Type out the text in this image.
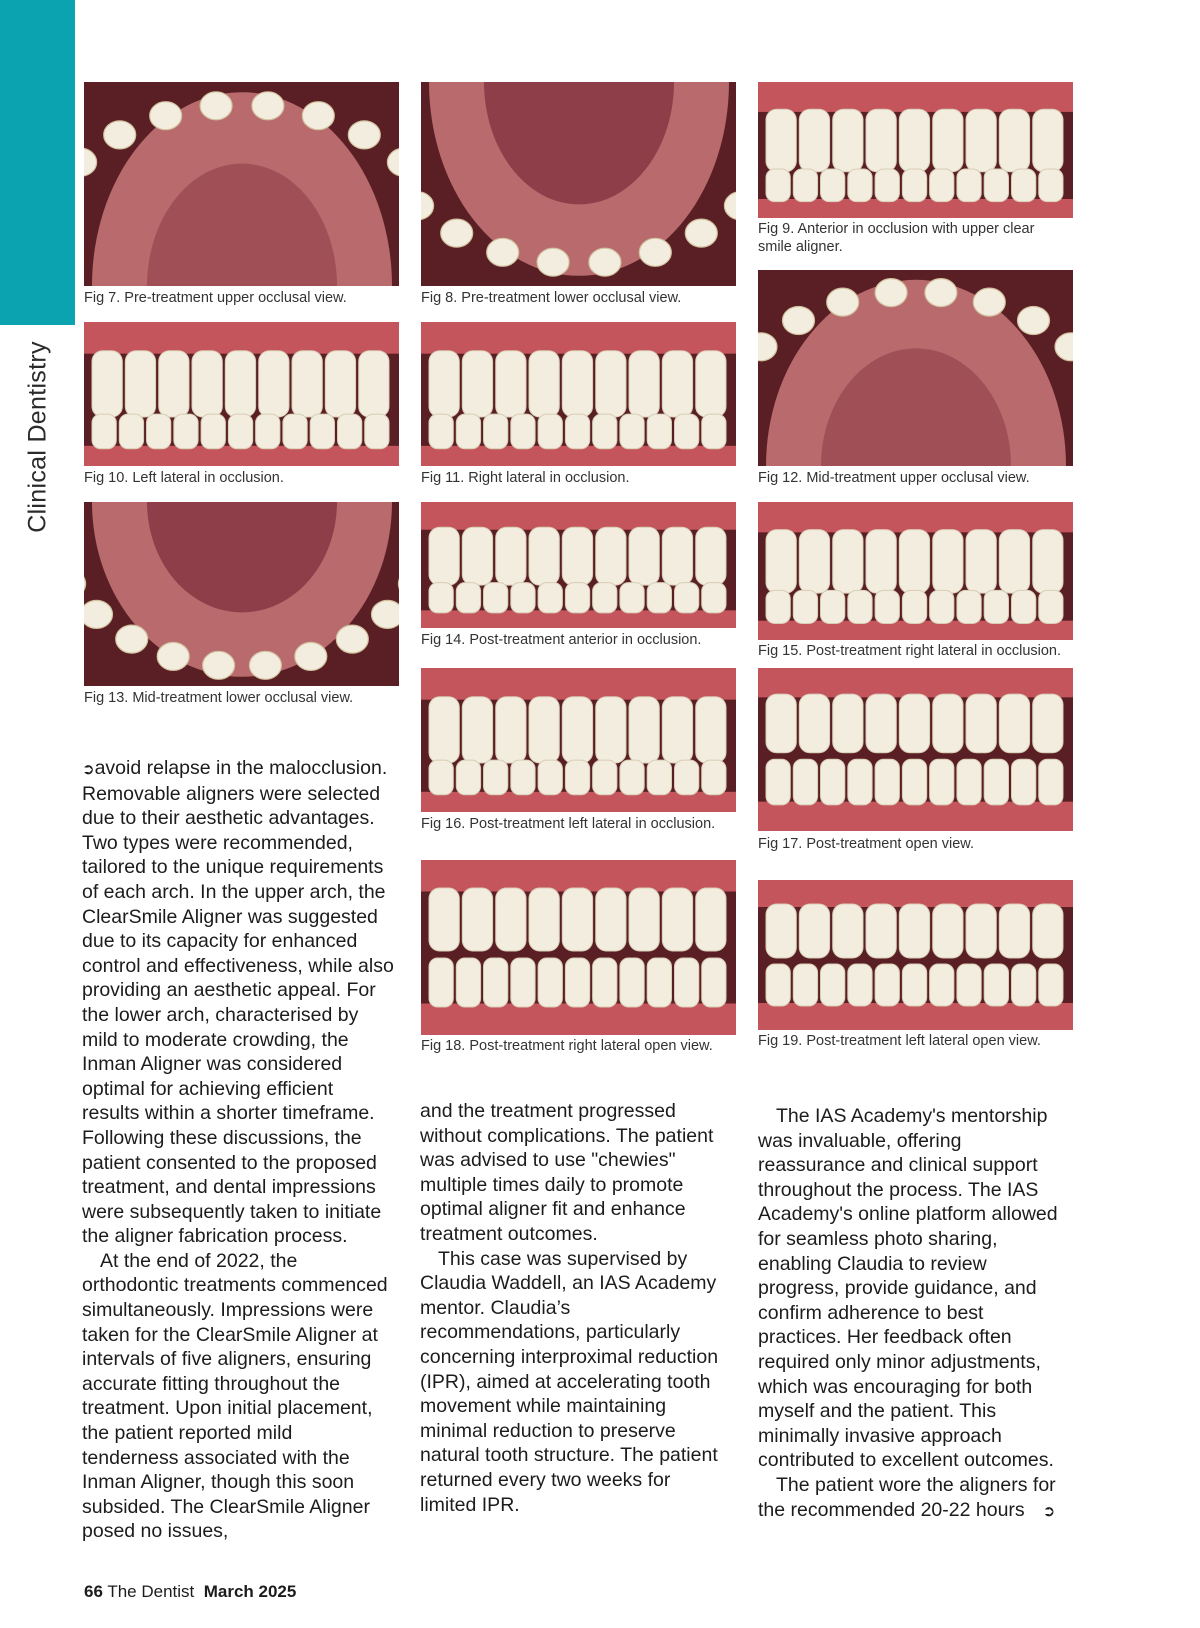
Clinical Dentistry
Fig 7. Pre-treatment upper occlusal view.	Fig 8. Pre-treatment lower occlusal view.
Fig 9. Anterior in occlusion with upper clear smile aligner.
Fig 10. Left lateral in occlusion.	Fig 11. Right lateral in occlusion.	Fig 12. Mid-treatment upper occlusal view.
Fig 13. Mid-treatment lower occlusal view.
Fig 14. Post-treatment anterior in occlusion.
Fig 15. Post-treatment right lateral in occlusion.
Fig 16. Post-treatment left lateral in occlusion.
Fig 17. Post-treatment open view.
Fig 18. Post-treatment right lateral open view.	Fig 19. Post-treatment left lateral open view.

➲avoid relapse in the malocclusion. Removable aligners were selected due to their aesthetic advantages. Two types were recommended, tailored to the unique requirements of each arch. In the upper arch, the ClearSmile Aligner was suggested due to its capacity for enhanced control and effectiveness, while also providing an aesthetic appeal. For the lower arch, characterised by mild to moderate crowding, the Inman Aligner was considered optimal for achieving efficient results within a shorter timeframe. Following these discussions, the patient consented to the proposed treatment, and dental impressions were subsequently taken to initiate the aligner fabrication process.

At the end of 2022, the orthodontic treatments commenced simultaneously. Impressions were taken for the ClearSmile Aligner at intervals of five aligners, ensuring accurate fitting throughout the treatment. Upon initial placement, the patient reported mild tenderness associated with the Inman Aligner, though this soon subsided. The ClearSmile Aligner posed no issues,

and the treatment progressed without complications. The patient was advised to use "chewies" multiple times daily to promote optimal aligner fit and enhance treatment outcomes.

This case was supervised by Claudia Waddell, an IAS Academy mentor. Claudia’s recommendations, particularly concerning interproximal reduction (IPR), aimed at accelerating tooth movement while maintaining minimal reduction to preserve natural tooth structure. The patient returned every two weeks for limited IPR.

The IAS Academy's mentorship was invaluable, offering reassurance and clinical support throughout the process. The IAS Academy's online platform allowed for seamless photo sharing, enabling Claudia to review progress, provide guidance, and confirm adherence to best practices. Her feedback often required only minor adjustments, which was encouraging for both myself and the patient. This minimally invasive approach contributed to excellent outcomes.

The patient wore the aligners for the recommended 20-22 hours ➲

66 The Dentist March 2025
